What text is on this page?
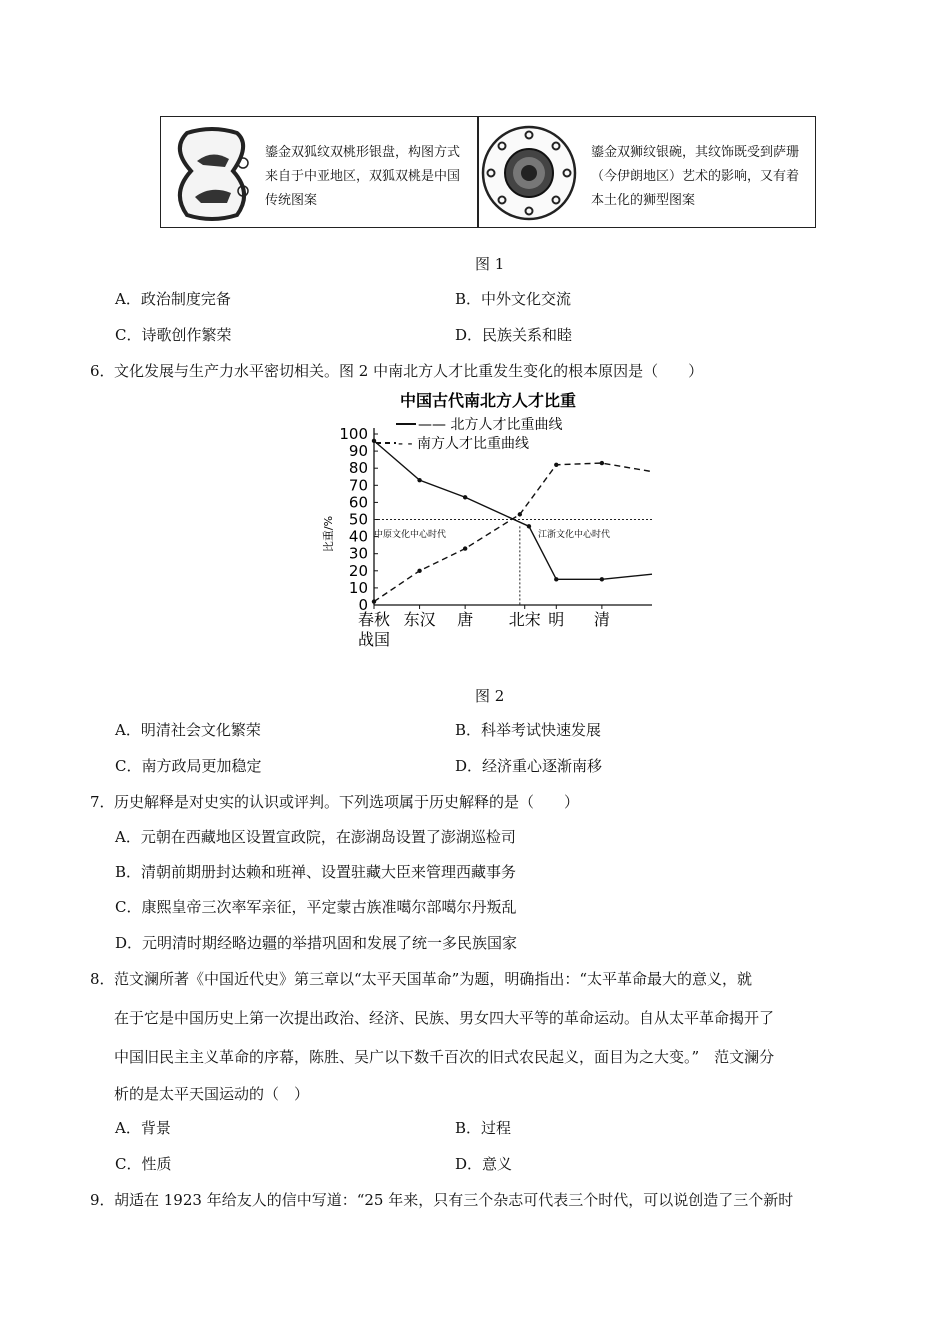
鎏金双狐纹双桃形银盘，构图方式来自于中亚地区，双狐双桃是中国传统图案
鎏金双狮纹银碗，其纹饰既受到萨珊（今伊朗地区）艺术的影响，又有着本土化的狮型图案
图 1
A．政治制度完备	B．中外文化交流
C．诗歌创作繁荣	D．民族关系和睦
6． 文化发展与生产力水平密切相关。图 2 中南北方人才比重发生变化的根本原因是（　　）
中国古代南北方人才比重
—— 北方人才比重曲线
- - 南方人才比重曲线
比重/%
0
10
20
30
40
50
60
70
80
90
100
中原文化中心时代	江浙文化中心时代
春秋 东汉 唐 北宋 明 清
战国
图 2
A．明清社会文化繁荣	B．科举考试快速发展
C．南方政局更加稳定	D．经济重心逐渐南移
7． 历史解释是对史实的认识或评判。下列选项属于历史解释的是（　　）
A．元朝在西藏地区设置宣政院，在澎湖岛设置了澎湖巡检司
B．清朝前期册封达赖和班禅、设置驻藏大臣来管理西藏事务
C．康熙皇帝三次率军亲征，平定蒙古族准噶尔部噶尔丹叛乱
D．元明清时期经略边疆的举措巩固和发展了统一多民族国家
8． 范文澜所著《中国近代史》第三章以“太平天国革命”为题，明确指出：“太平革命最大的意义，就
在于它是中国历史上第一次提出政治、经济、民族、男女四大平等的革命运动。自从太平革命揭开了
中国旧民主主义革命的序幕，陈胜、吴广以下数千百次的旧式农民起义，面目为之大变。”　范文澜分
析的是太平天国运动的（　）
A．背景	B．过程
C．性质	D．意义
9． 胡适在 1923 年给友人的信中写道：“25 年来，只有三个杂志可代表三个时代，可以说创造了三个新时
